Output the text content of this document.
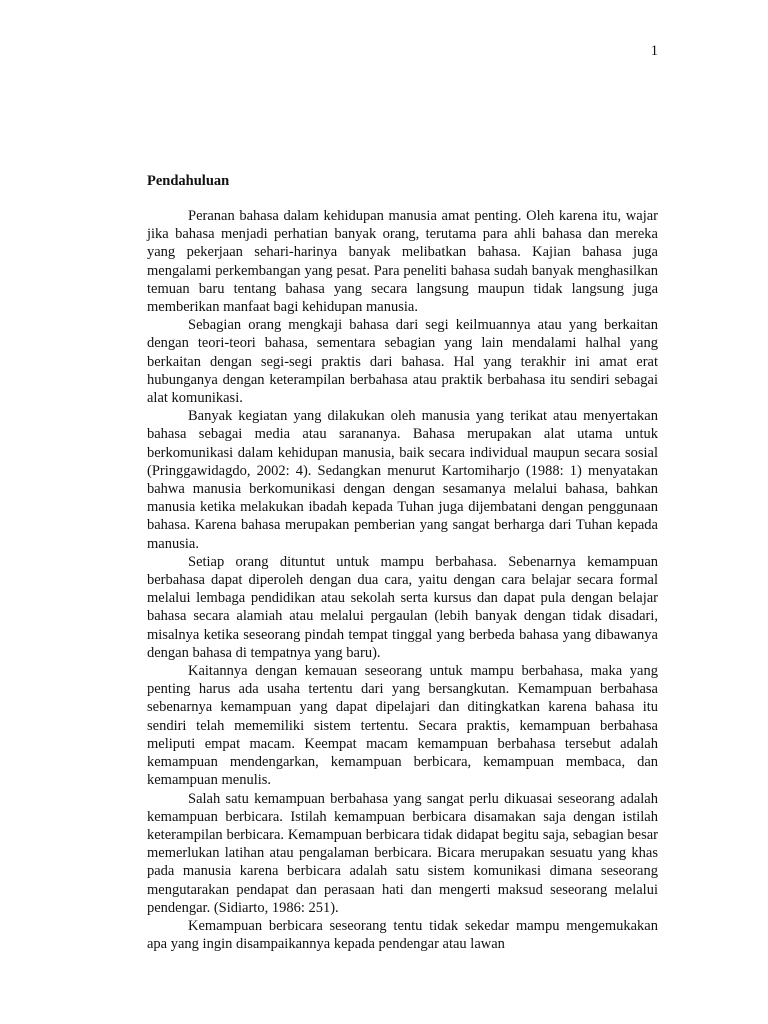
1
Pendahuluan

Peranan bahasa dalam kehidupan manusia amat penting. Oleh karena itu, wajar jika bahasa menjadi perhatian banyak orang, terutama para ahli bahasa dan mereka yang pekerjaan sehari-harinya banyak melibatkan bahasa. Kajian bahasa juga mengalami perkembangan yang pesat. Para peneliti bahasa sudah banyak menghasilkan temuan baru tentang bahasa yang secara langsung maupun tidak langsung juga memberikan manfaat bagi kehidupan manusia.

Sebagian orang mengkaji bahasa dari segi keilmuannya atau yang berkaitan dengan teori-teori bahasa, sementara sebagian yang lain mendalami halhal yang berkaitan dengan segi-segi praktis dari bahasa. Hal yang terakhir ini amat erat hubunganya dengan keterampilan berbahasa atau praktik berbahasa itu sendiri sebagai alat komunikasi.

Banyak kegiatan yang dilakukan oleh manusia yang terikat atau menyertakan bahasa sebagai media atau sarananya. Bahasa merupakan alat utama untuk berkomunikasi dalam kehidupan manusia, baik secara individual maupun secara sosial (Pringgawidagdo, 2002: 4). Sedangkan menurut Kartomiharjo (1988: 1) menyatakan bahwa manusia berkomunikasi dengan dengan sesamanya melalui bahasa, bahkan manusia ketika melakukan ibadah kepada Tuhan juga dijembatani dengan penggunaan bahasa. Karena bahasa merupakan pemberian yang sangat berharga dari Tuhan kepada manusia.

Setiap orang dituntut untuk mampu berbahasa. Sebenarnya kemampuan berbahasa dapat diperoleh dengan dua cara, yaitu dengan cara belajar secara formal melalui lembaga pendidikan atau sekolah serta kursus dan dapat pula dengan belajar bahasa secara alamiah atau melalui pergaulan (lebih banyak dengan tidak disadari, misalnya ketika seseorang pindah tempat tinggal yang berbeda bahasa yang dibawanya dengan bahasa di tempatnya yang baru).

Kaitannya dengan kemauan seseorang untuk mampu berbahasa, maka yang penting harus ada usaha tertentu dari yang bersangkutan. Kemampuan berbahasa sebenarnya kemampuan yang dapat dipelajari dan ditingkatkan karena bahasa itu sendiri telah mememiliki sistem tertentu. Secara praktis, kemampuan berbahasa meliputi empat macam. Keempat macam kemampuan berbahasa tersebut adalah kemampuan mendengarkan, kemampuan berbicara, kemampuan membaca, dan kemampuan menulis.

Salah satu kemampuan berbahasa yang sangat perlu dikuasai seseorang adalah kemampuan berbicara. Istilah kemampuan berbicara disamakan saja dengan istilah keterampilan berbicara. Kemampuan berbicara tidak didapat begitu saja, sebagian besar memerlukan latihan atau pengalaman berbicara. Bicara merupakan sesuatu yang khas pada manusia karena berbicara adalah satu sistem komunikasi dimana seseorang mengutarakan pendapat dan perasaan hati dan mengerti maksud seseorang melalui pendengar. (Sidiarto, 1986: 251).

Kemampuan berbicara seseorang tentu tidak sekedar mampu mengemukakan apa yang ingin disampaikannya kepada pendengar atau lawan
